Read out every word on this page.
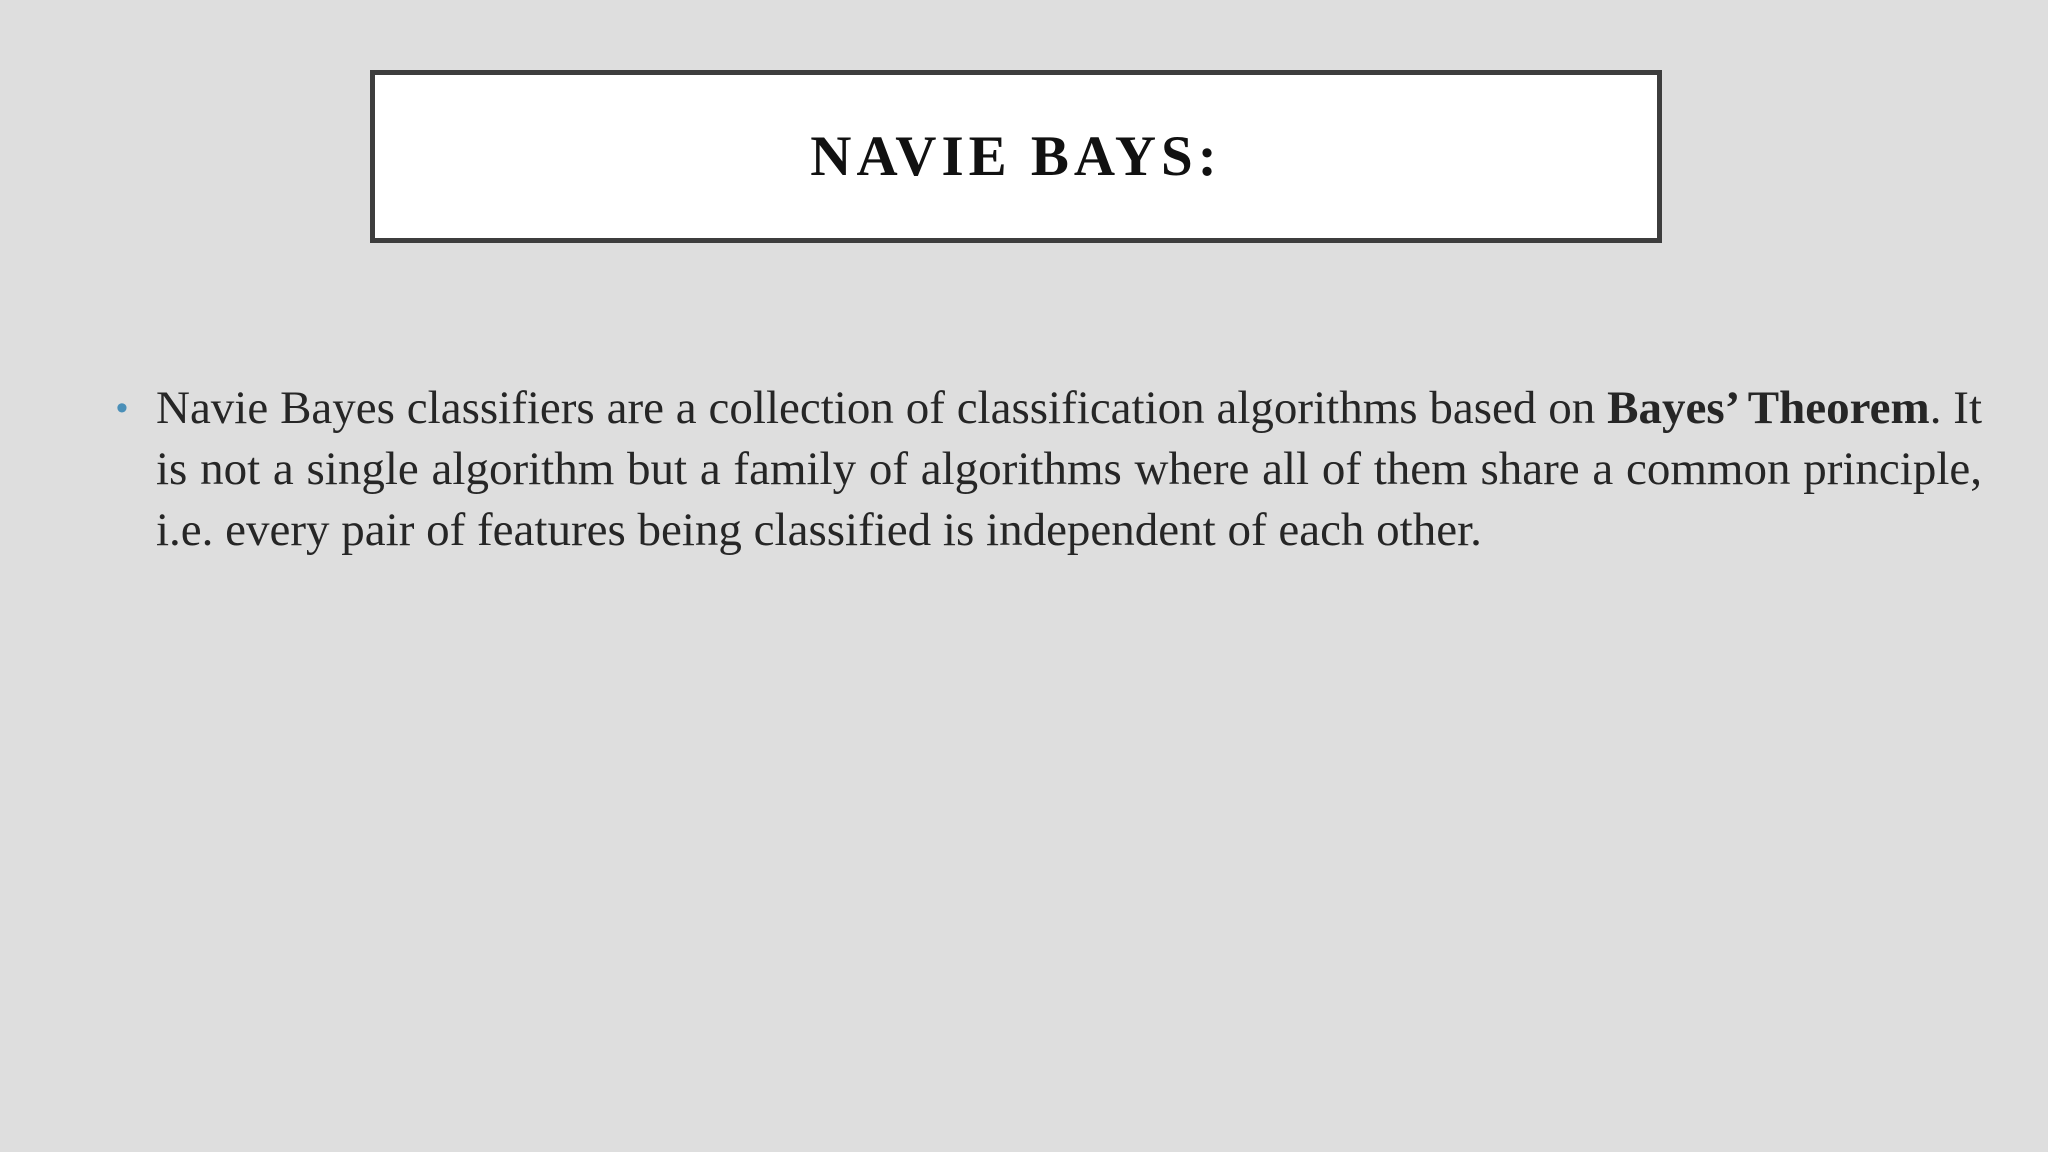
NAVIE BAYS:
• Navie Bayes classifiers are a collection of classification algorithms based on Bayes’ Theorem. It is not a single algorithm but a family of algorithms where all of them share a common principle, i.e. every pair of features being classified is independent of each other.
